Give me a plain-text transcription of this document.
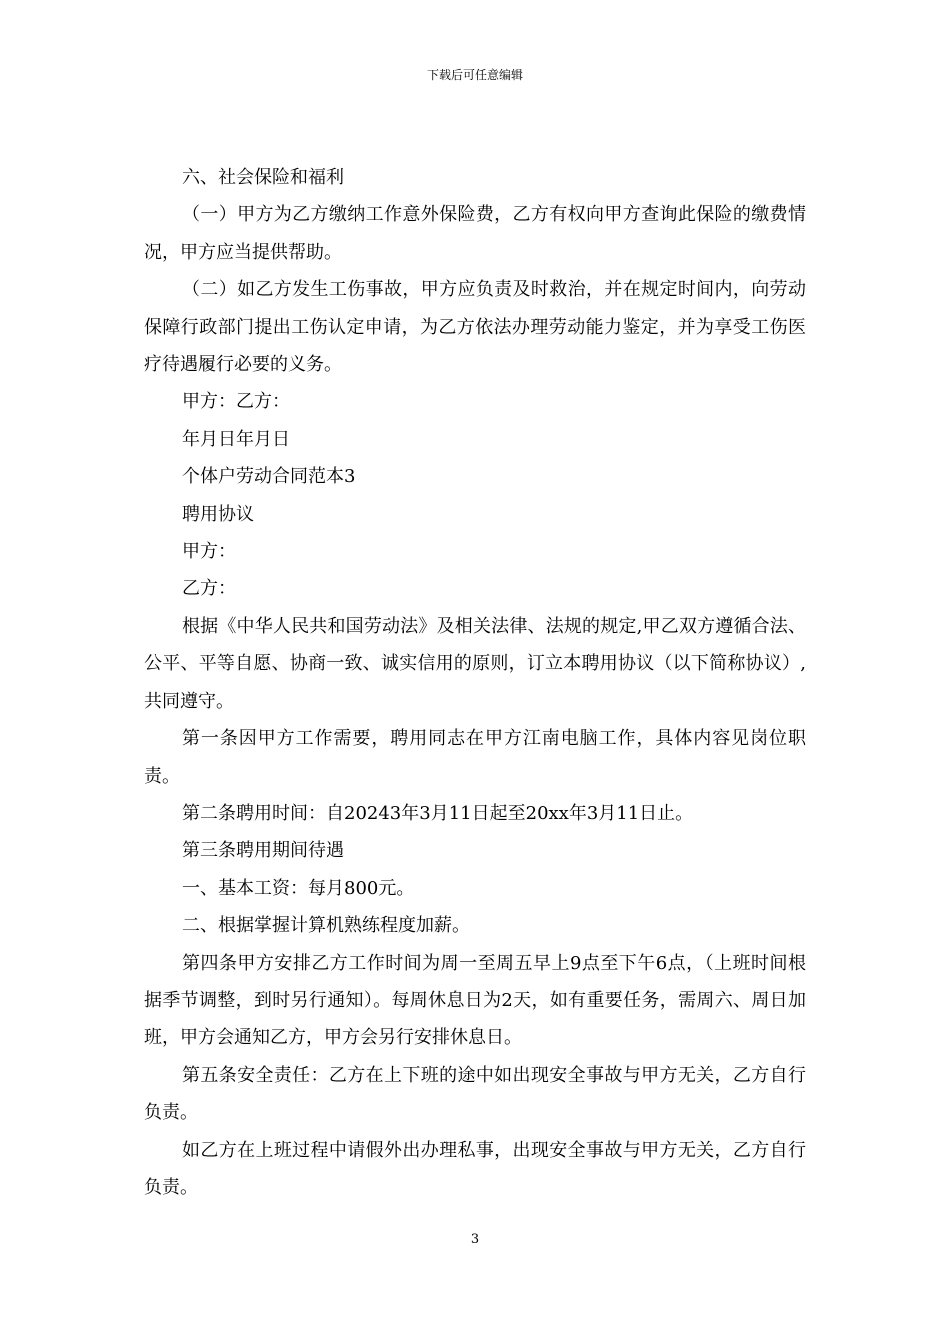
下载后可任意编辑

六、社会保险和福利

（一）甲方为乙方缴纳工作意外保险费，乙方有权向甲方查询此保险的缴费情况，甲方应当提供帮助。

（二）如乙方发生工伤事故，甲方应负责及时救治，并在规定时间内，向劳动保障行政部门提出工伤认定申请，为乙方依法办理劳动能力鉴定，并为享受工伤医疗待遇履行必要的义务。

甲方：乙方：

年月日年月日

个体户劳动合同范本3

聘用协议

甲方：

乙方：

根据《中华人民共和国劳动法》及相关法律、法规的规定,甲乙双方遵循合法、公平、平等自愿、协商一致、诚实信用的原则，订立本聘用协议（以下简称协议）,共同遵守。

第一条因甲方工作需要，聘用同志在甲方江南电脑工作，具体内容见岗位职责。

第二条聘用时间：自20243年3月11日起至20xx年3月11日止。

第三条聘用期间待遇

一、基本工资：每月800元。

二、根据掌握计算机熟练程度加薪。

第四条甲方安排乙方工作时间为周一至周五早上9点至下午6点，（上班时间根据季节调整，到时另行通知）。每周休息日为2天，如有重要任务，需周六、周日加班，甲方会通知乙方，甲方会另行安排休息日。

第五条安全责任：乙方在上下班的途中如出现安全事故与甲方无关，乙方自行负责。

如乙方在上班过程中请假外出办理私事，出现安全事故与甲方无关，乙方自行负责。

3
